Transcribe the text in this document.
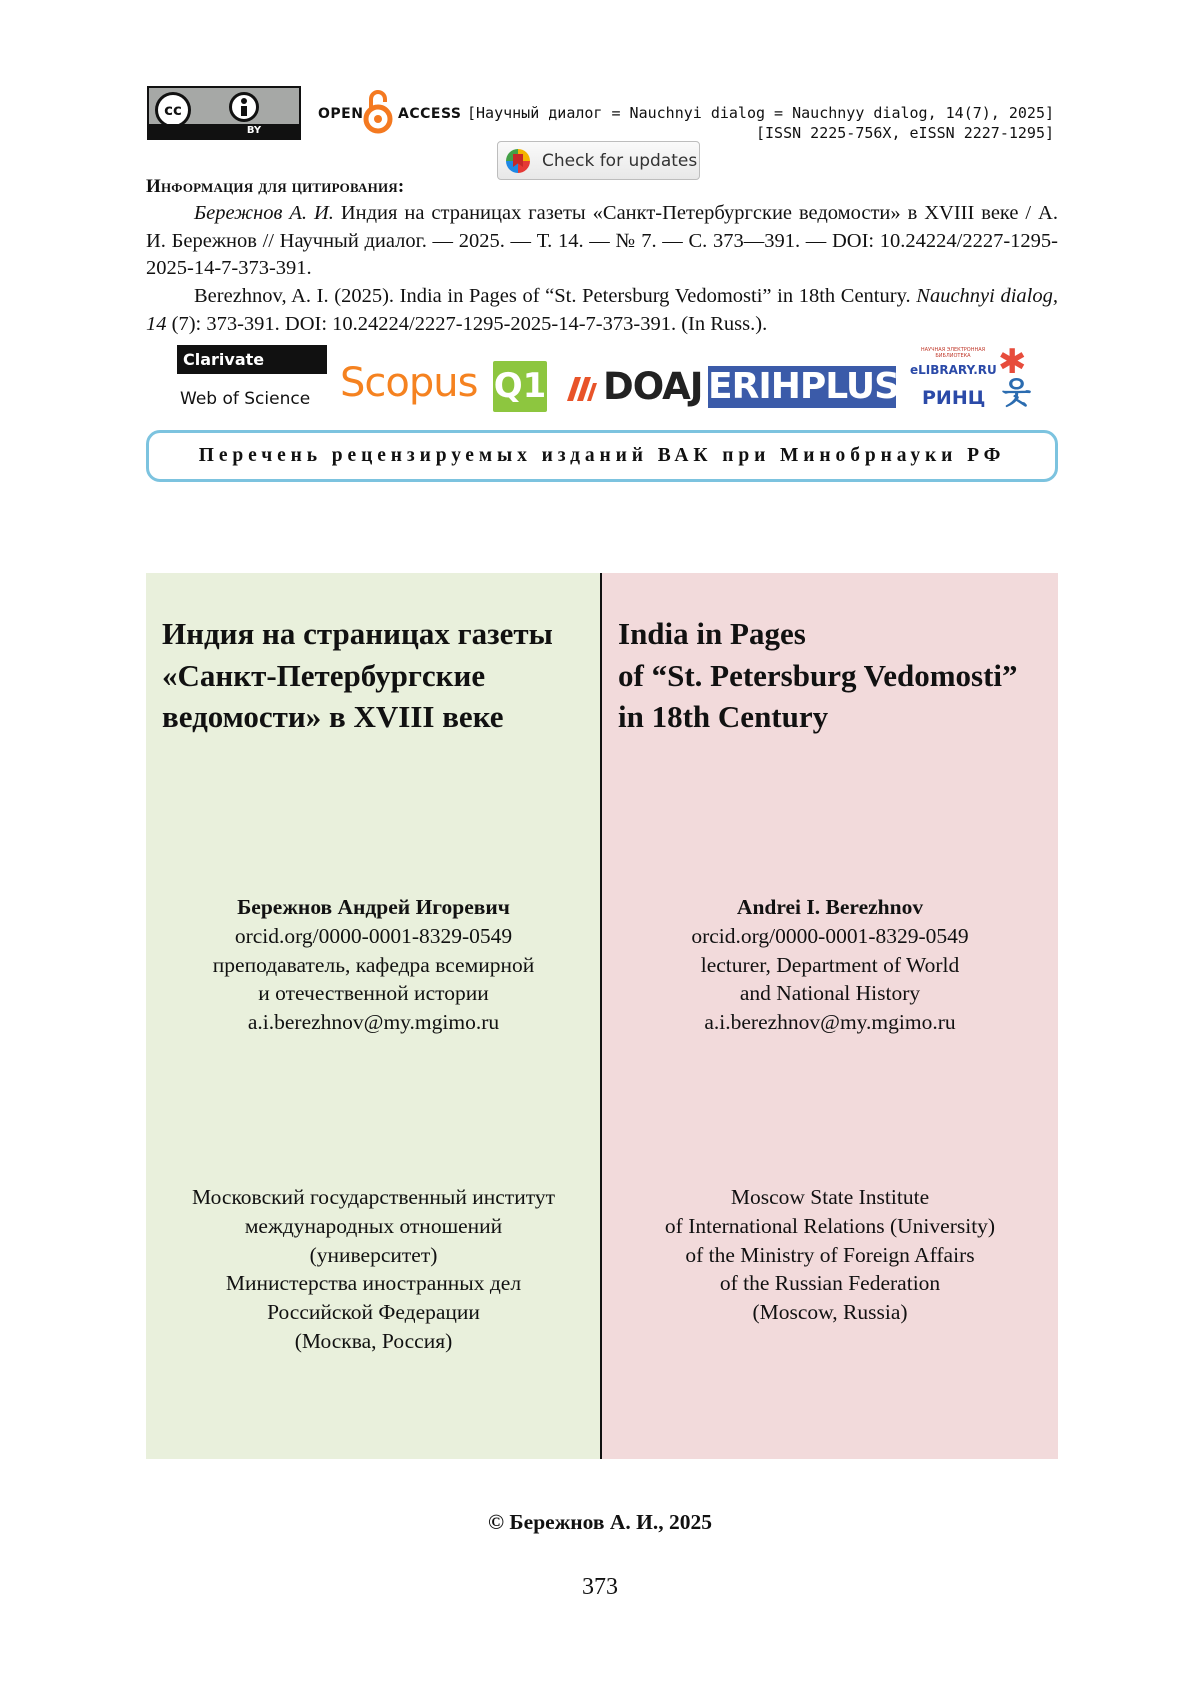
cc
BY
OPEN ACCESS [Научный диалог = Nauchnyi dialog = Nauchnyy dialog, 14(7), 2025]
[ISSN 2225-756X, eISSN 2227-1295]
Check for updates
Информация для цитирования:
Бережнов А. И. Индия на страницах газеты «Санкт-Петербургские ведомости» в XVIII веке / А. И. Бережнов // Научный диалог. — 2025. — Т. 14. — № 7. — С. 373—391. — DOI: 10.24224/2227-1295-2025-14-7-373-391.
Berezhnov, A. I. (2025). India in Pages of “St. Petersburg Vedomosti” in 18th Century. Nauchnyi dialog, 14 (7): 373-391. DOI: 10.24224/2227-1295-2025-14-7-373-391. (In Russ.).
Clarivate
Web of Science Scopus Q1 DOAJ ERIHPLUS
НАУЧНАЯ ЭЛЕКТРОННАЯ БИБЛИОТЕКА
eLIBRARY.RU
РИНЦ
✱
웃
Перечень рецензируемых изданий ВАК при Минобрнауки РФ
Индия на страницах газеты
«Санкт-Петербургские
ведомости» в XVIII веке
Бережнов Андрей Игоревич
orcid.org/0000-0001-8329-0549
преподаватель, кафедра всемирной
и отечественной истории
a.i.berezhnov@my.mgimo.ru
Московский государственный институт
международных отношений
(университет)
Министерства иностранных дел
Российской Федерации
(Москва, Россия)
India in Pages
of “St. Petersburg Vedomosti”
in 18th Century
Andrei I. Berezhnov
orcid.org/0000-0001-8329-0549
lecturer, Department of World
and National History
a.i.berezhnov@my.mgimo.ru
Moscow State Institute
of International Relations (University)
of the Ministry of Foreign Affairs
of the Russian Federation
(Moscow, Russia)
© Бережнов А. И., 2025
373
